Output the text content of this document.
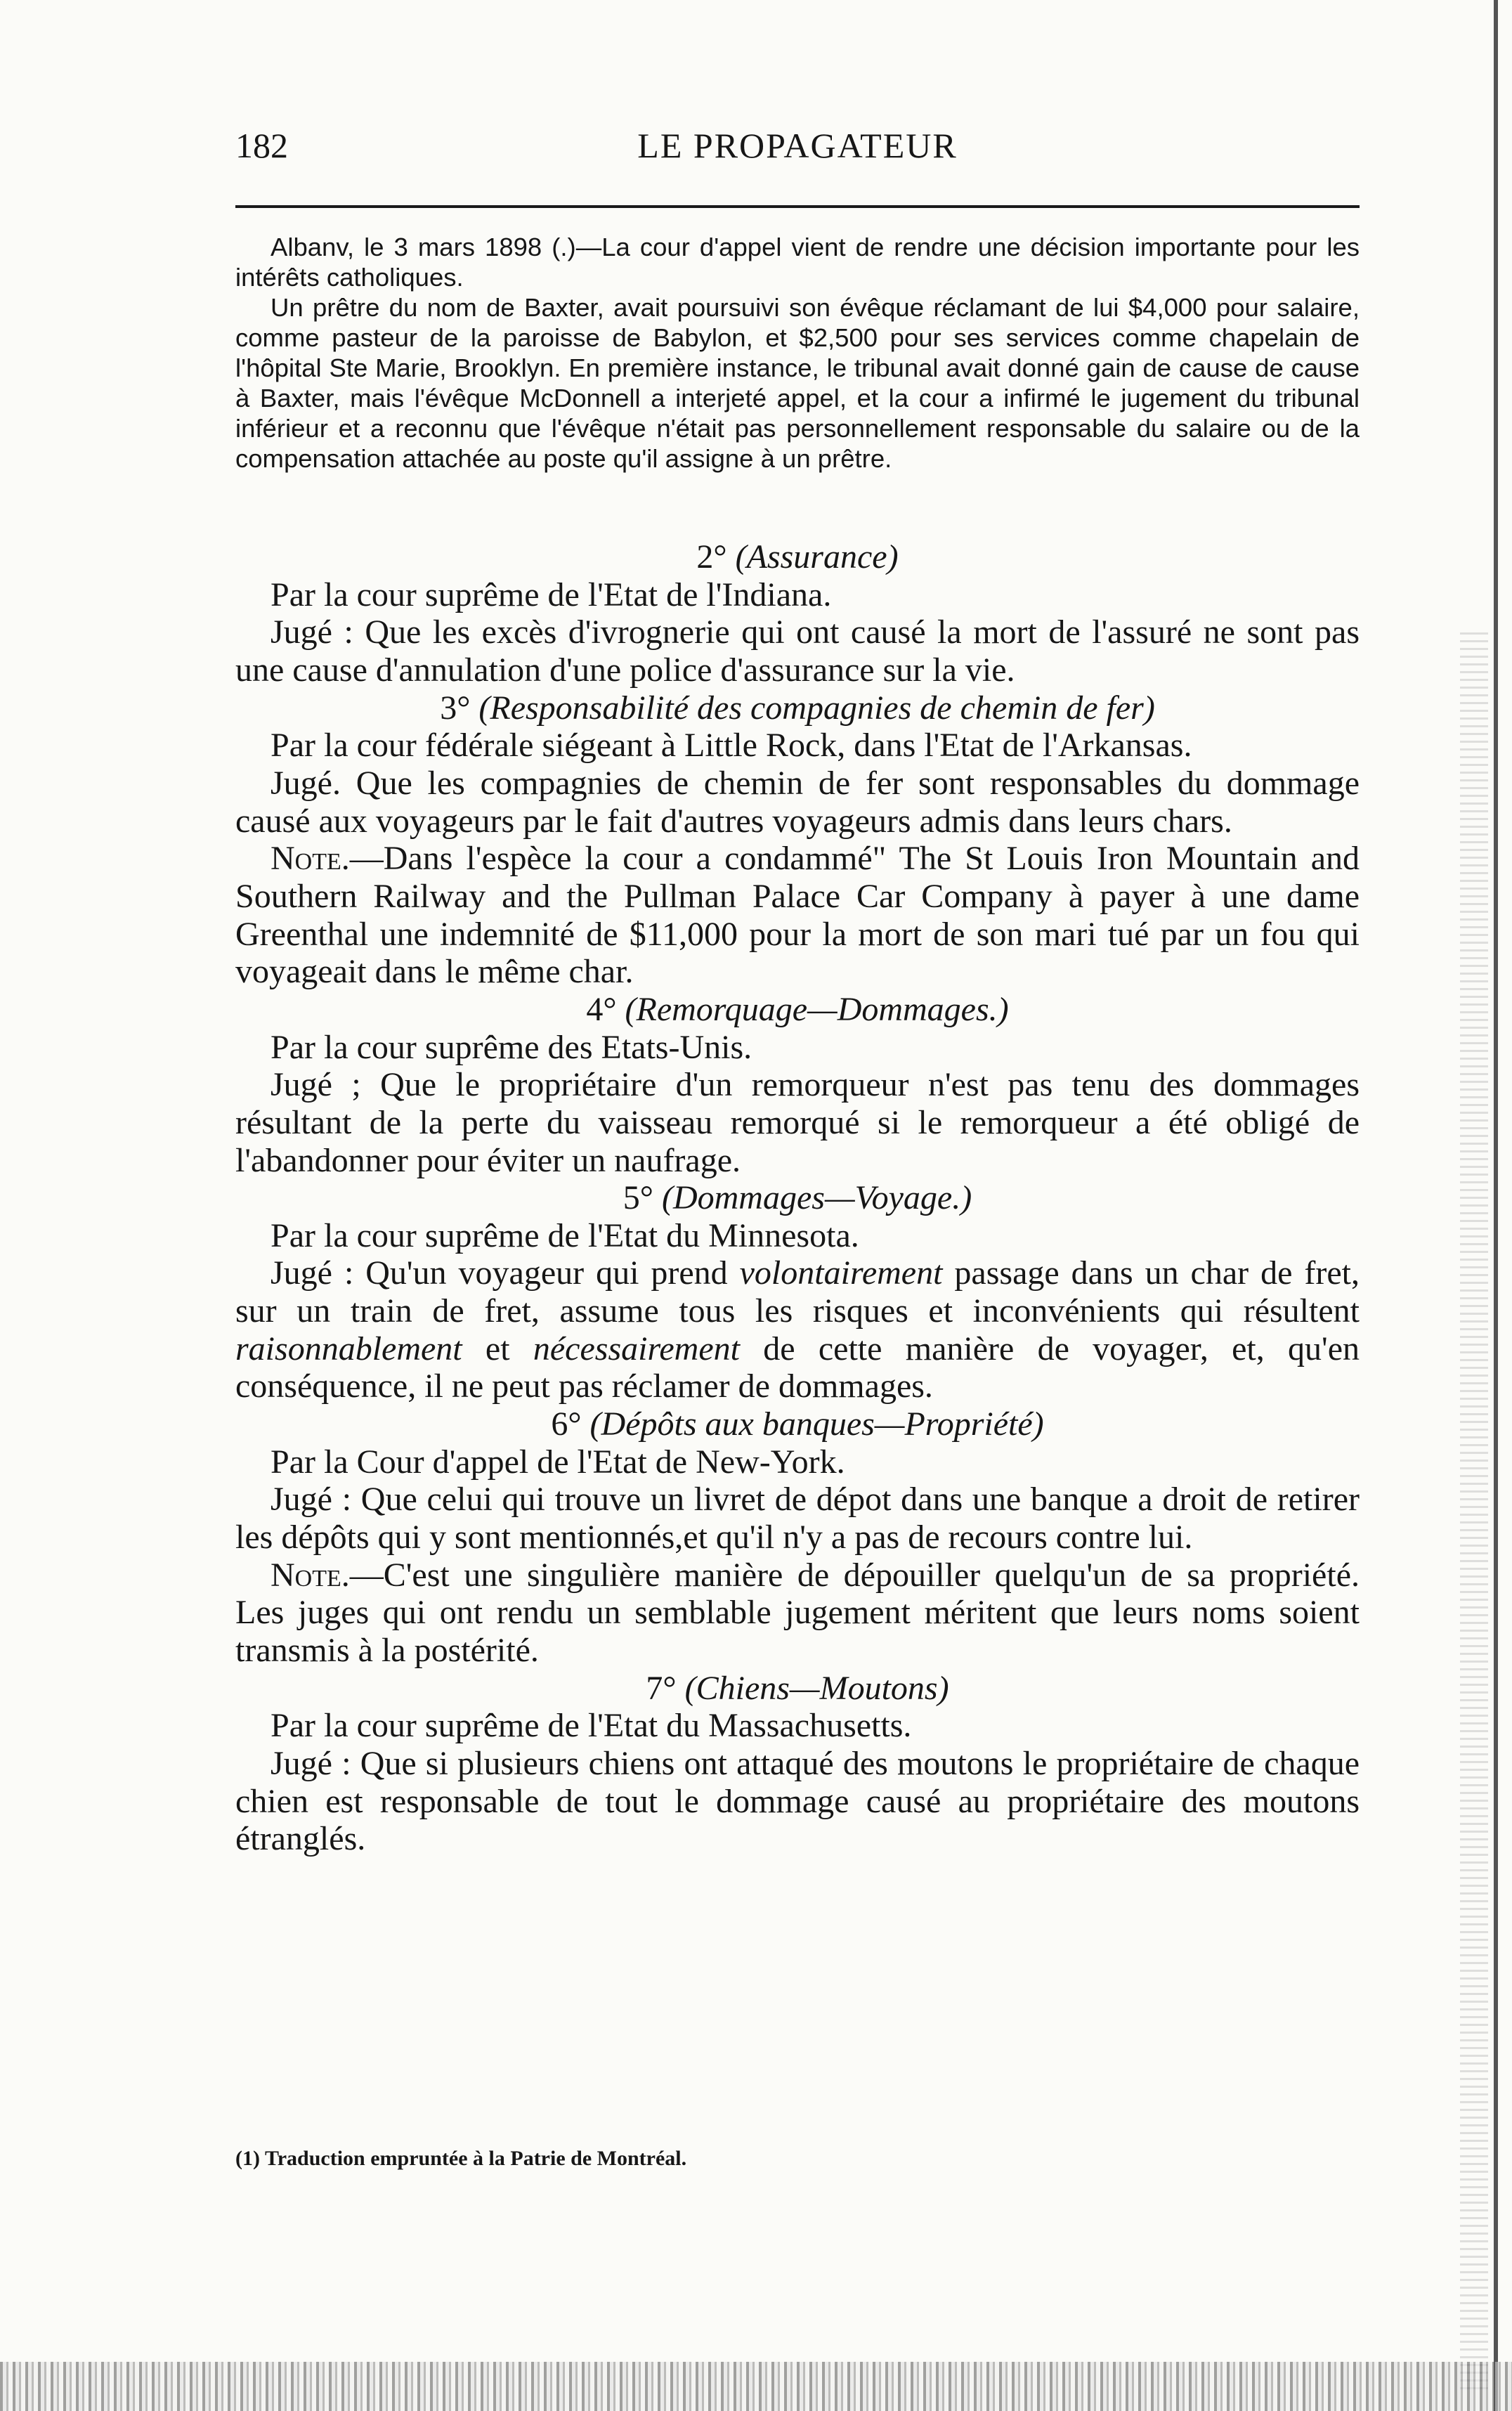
182	LE PROPAGATEUR

Albanv, le 3 mars 1898 (.)—La cour d'appel vient de rendre une décision importante pour les intérêts catholiques.

Un prêtre du nom de Baxter, avait poursuivi son évêque réclamant de lui $4,000 pour salaire, comme pasteur de la paroisse de Babylon, et $2,500 pour ses services comme chapelain de l'hôpital Ste Marie, Brooklyn. En première instance, le tribunal avait donné gain de cause de cause à Baxter, mais l'évêque McDonnell a interjeté appel, et la cour a infirmé le jugement du tribunal inférieur et a reconnu que l'évêque n'était pas personnellement responsable du salaire ou de la compensation attachée au poste qu'il assigne à un prêtre.

2° (Assurance)

Par la cour suprême de l'Etat de l'Indiana.

Jugé : Que les excès d'ivrognerie qui ont causé la mort de l'assuré ne sont pas une cause d'annulation d'une police d'assurance sur la vie.

3° (Responsabilité des compagnies de chemin de fer)

Par la cour fédérale siégeant à Little Rock, dans l'Etat de l'Arkansas.

Jugé. Que les compagnies de chemin de fer sont responsables du dommage causé aux voyageurs par le fait d'autres voyageurs admis dans leurs chars.

Note.—Dans l'espèce la cour a condammé" The St Louis Iron Mountain and Southern Railway and the Pullman Palace Car Company à payer à une dame Greenthal une indemnité de $11,000 pour la mort de son mari tué par un fou qui voyageait dans le même char.

4° (Remorquage—Dommages.)

Par la cour suprême des Etats-Unis.

Jugé ; Que le propriétaire d'un remorqueur n'est pas tenu des dommages résultant de la perte du vaisseau remorqué si le remorqueur a été obligé de l'abandonner pour éviter un naufrage.

5° (Dommages—Voyage.)

Par la cour suprême de l'Etat du Minnesota.

Jugé : Qu'un voyageur qui prend volontairement passage dans un char de fret, sur un train de fret, assume tous les risques et inconvénients qui résultent raisonnablement et nécessairement de cette manière de voyager, et, qu'en conséquence, il ne peut pas réclamer de dommages.

6° (Dépôts aux banques—Propriété)

Par la Cour d'appel de l'Etat de New-York.

Jugé : Que celui qui trouve un livret de dépot dans une banque a droit de retirer les dépôts qui y sont mentionnés,et qu'il n'y a pas de recours contre lui.

Note.—C'est une singulière manière de dépouiller quelqu'un de sa propriété. Les juges qui ont rendu un semblable jugement méritent que leurs noms soient transmis à la postérité.

7° (Chiens—Moutons)

Par la cour suprême de l'Etat du Massachusetts.

Jugé : Que si plusieurs chiens ont attaqué des moutons le propriétaire de chaque chien est responsable de tout le dommage causé au propriétaire des moutons étranglés.

(1) Traduction empruntée à la Patrie de Montréal.
